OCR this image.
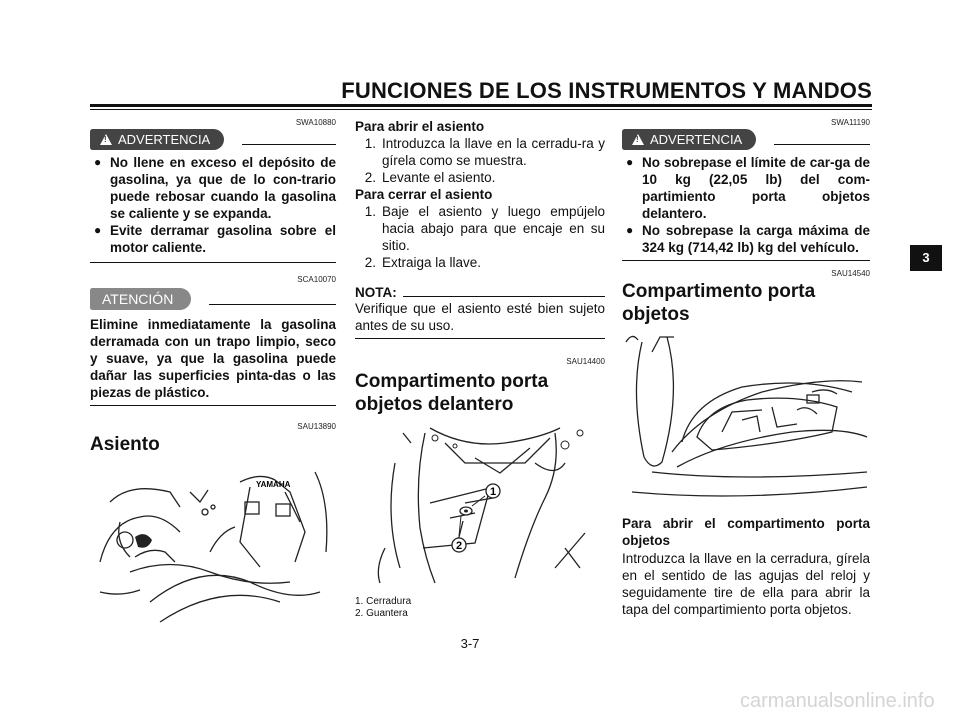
FUNCIONES DE LOS INSTRUMENTOS Y MANDOS
SWA10880
!
ADVERTENCIA
● No llene en exceso el depósito de gasolina, ya que de lo con-trario puede rebosar cuando la gasolina se caliente y se expanda.
● Evite derramar gasolina sobre el motor caliente.
SCA10070
ATENCIÓN
Elimine inmediatamente la gasolina derramada con un trapo limpio, seco y suave, ya que la gasolina puede dañar las superficies pinta-das o las piezas de plástico.
SAU13890
Asiento
YAMAHA
Para abrir el asiento
1. Introduzca la llave en la cerradu-ra y gírela como se muestra.
2. Levante el asiento.
Para cerrar el asiento
1. Baje el asiento y luego empújelo hacia abajo para que encaje en su sitio.
2. Extraiga la llave.
NOTA:
Verifique que el asiento esté bien sujeto antes de su uso.
SAU14400
Compartimento porta objetos delantero
1
2
1. Cerradura
2. Guantera
SWA11190
!
ADVERTENCIA
● No sobrepase el límite de car-ga de 10 kg (22,05 lb) del com-partimiento porta objetos delantero.
● No sobrepase la carga máxima de 324 kg (714,42 lb) kg del vehículo.
SAU14540
Compartimento porta objetos
Para abrir el compartimento porta objetos
Introduzca la llave en la cerradura, gírela en el sentido de las agujas del reloj y seguidamente tire de ella para abrir la tapa del compartimiento porta objetos.
3
3-7
carmanualsonline.info
